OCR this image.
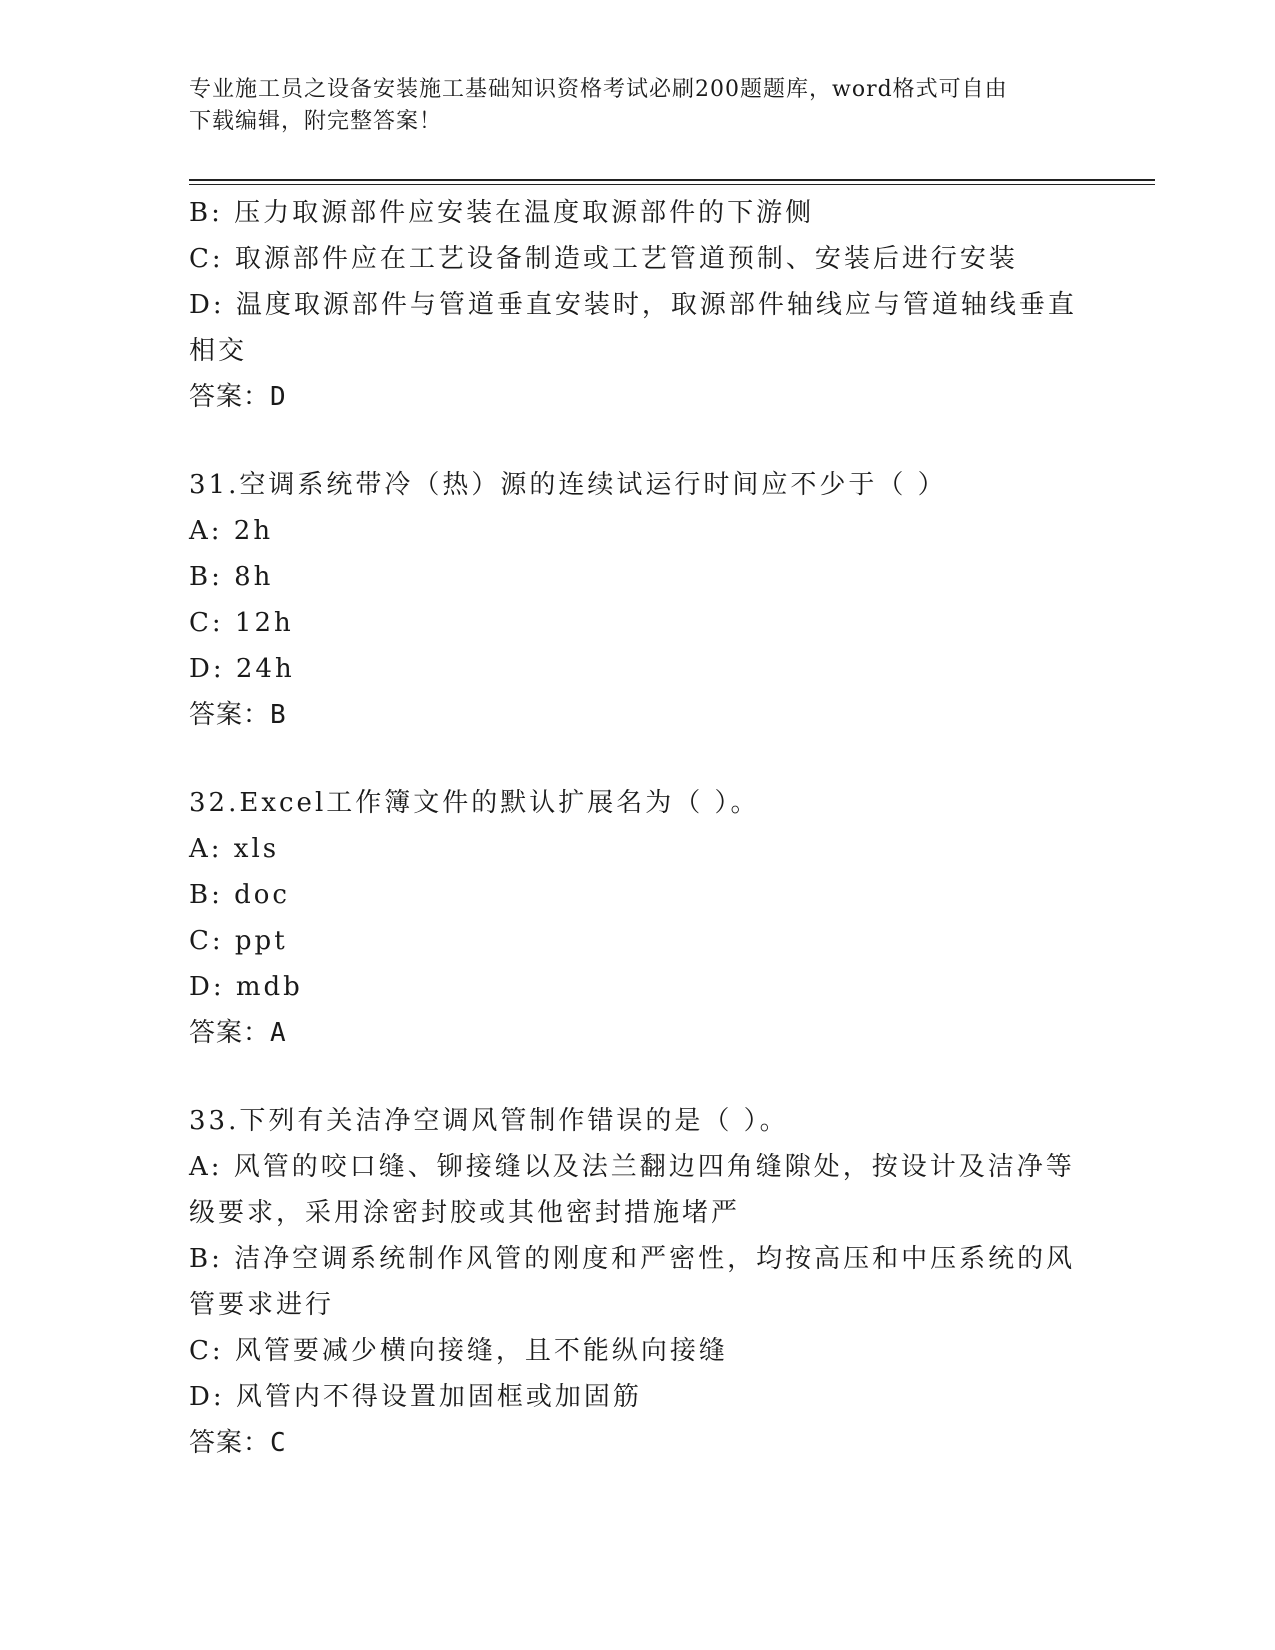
专业施工员之设备安装施工基础知识资格考试必刷200题题库，word格式可自由
下载编辑，附完整答案！
B: 压力取源部件应安装在温度取源部件的下游侧
C: 取源部件应在工艺设备制造或工艺管道预制、安装后进行安装
D: 温度取源部件与管道垂直安装时，取源部件轴线应与管道轴线垂直
相交
答案：D
31.空调系统带冷（热）源的连续试运行时间应不少于（ ）
A: 2h
B: 8h
C: 12h
D: 24h
答案：B
32.Excel工作簿文件的默认扩展名为（ ）。
A: xls
B: doc
C: ppt
D: mdb
答案：A
33.下列有关洁净空调风管制作错误的是（ ）。
A: 风管的咬口缝、铆接缝以及法兰翻边四角缝隙处，按设计及洁净等
级要求，采用涂密封胶或其他密封措施堵严
B: 洁净空调系统制作风管的刚度和严密性，均按高压和中压系统的风
管要求进行
C: 风管要减少横向接缝，且不能纵向接缝
D: 风管内不得设置加固框或加固筋
答案：C
